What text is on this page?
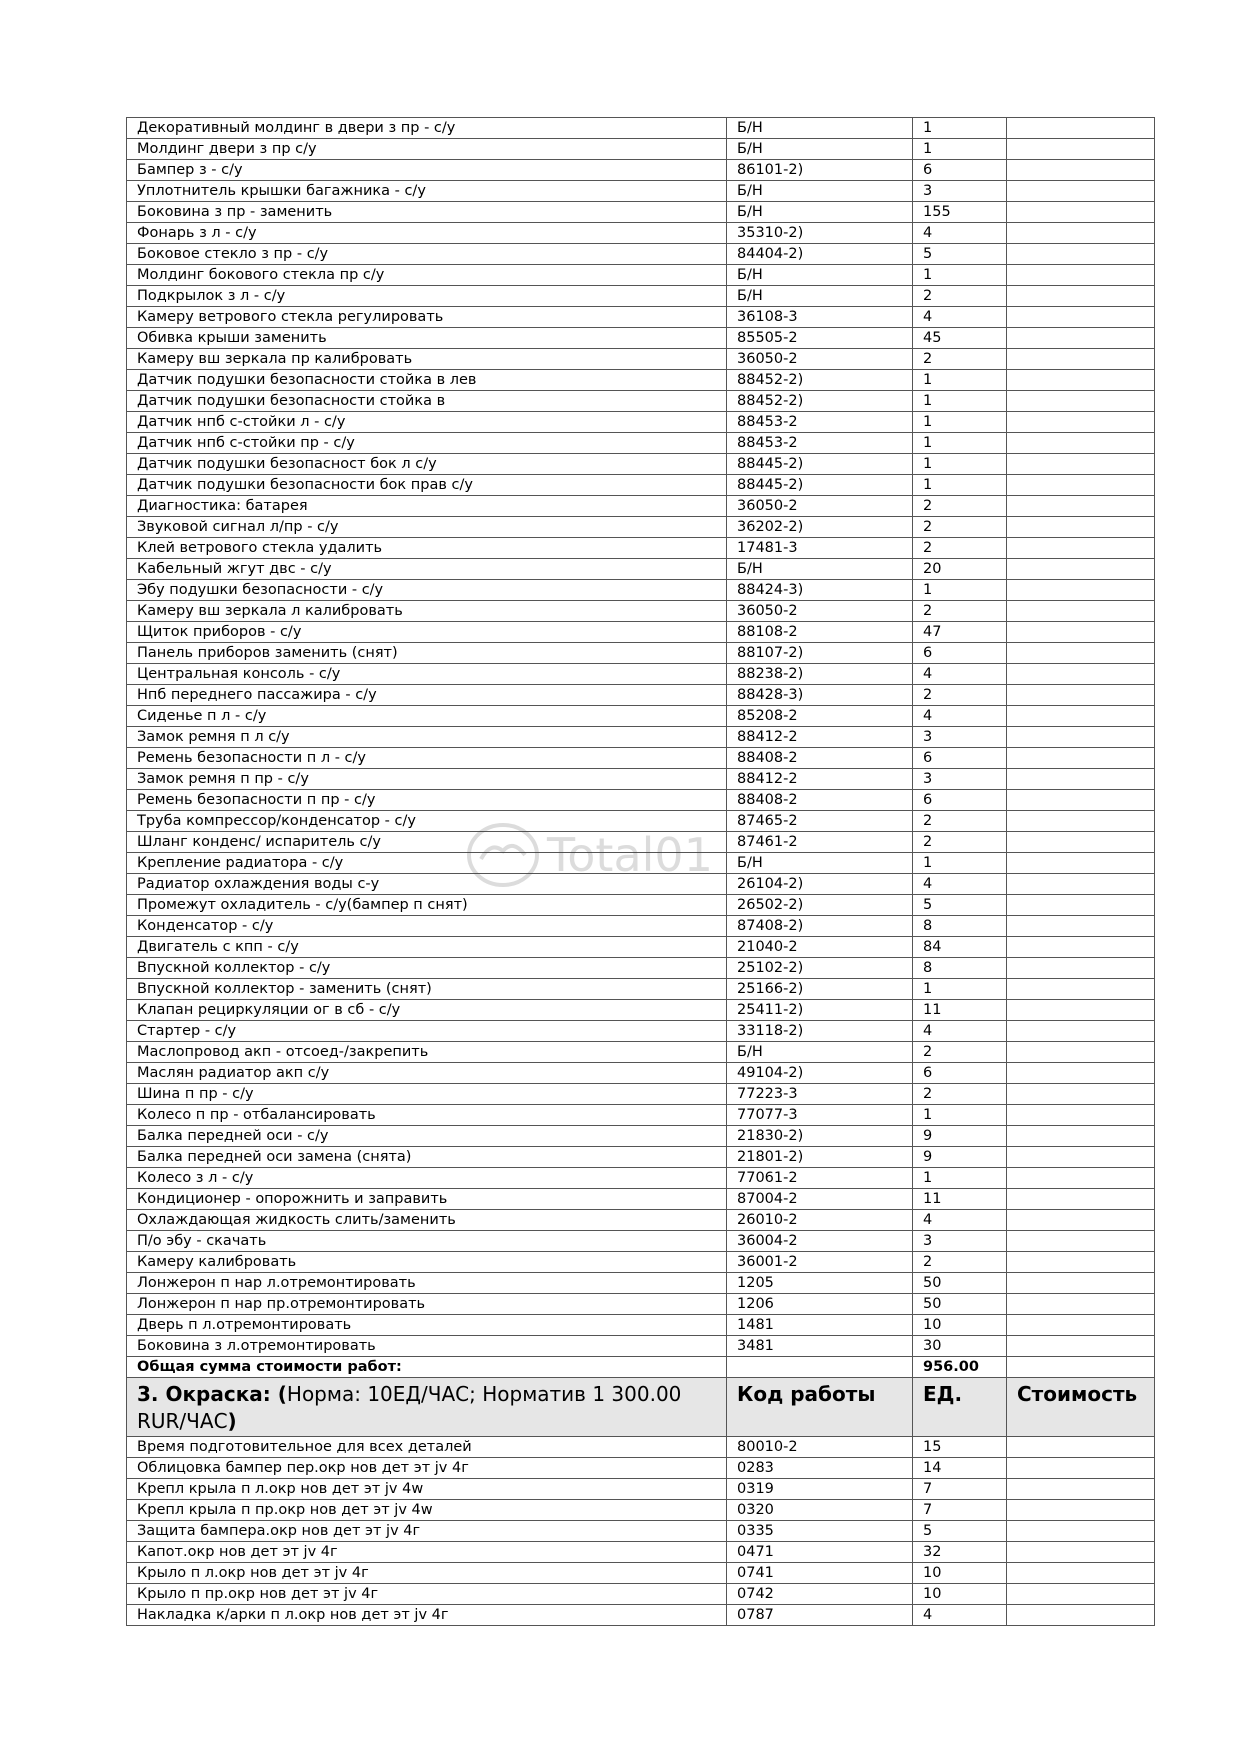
Декоративный молдинг в двери з пр - с/у	Б/Н	1	
Молдинг двери з пр с/у	Б/Н	1	
Бампер з - с/у	86101-2)	6	
Уплотнитель крышки багажника - с/у	Б/Н	3	
Боковина з пр - заменить	Б/Н	155	
Фонарь з л - с/у	35310-2)	4	
Боковое стекло з пр - с/у	84404-2)	5	
Молдинг бокового стекла пр с/у	Б/Н	1	
Подкрылок з л - с/у	Б/Н	2	
Камеру ветрового стекла регулировать	36108-3	4	
Обивка крыши заменить	85505-2	45	
Камеру вш зеркала пр калибровать	36050-2	2	
Датчик подушки безопасности стойка в лев	88452-2)	1	
Датчик подушки безопасности стойка в	88452-2)	1	
Датчик нпб с-стойки л - с/у	88453-2	1	
Датчик нпб с-стойки пр - с/у	88453-2	1	
Датчик подушки безопасност бок л с/у	88445-2)	1	
Датчик подушки безопасности бок прав с/у	88445-2)	1	
Диагностика: батарея	36050-2	2	
Звуковой сигнал л/пр - с/у	36202-2)	2	
Клей ветрового стекла удалить	17481-3	2	
Кабельный жгут двс - с/у	Б/Н	20	
Эбу подушки безопасности - с/у	88424-3)	1	
Камеру вш зеркала л калибровать	36050-2	2	
Щиток приборов - с/у	88108-2	47	
Панель приборов заменить (снят)	88107-2)	6	
Центральная консоль - с/у	88238-2)	4	
Нпб переднего пассажира - с/у	88428-3)	2	
Сиденье п л - с/у	85208-2	4	
Замок ремня п л с/у	88412-2	3	
Ремень безопасности п л - с/у	88408-2	6	
Замок ремня п пр - с/у	88412-2	3	
Ремень безопасности п пр - с/у	88408-2	6	
Труба компрессор/конденсатор - с/у	87465-2	2	
Шланг конденс/ испаритель с/у	87461-2	2	
Крепление радиатора - с/у	Б/Н	1	
Радиатор охлаждения воды с-у	26104-2)	4	
Промежут охладитель - с/у(бампер п снят)	26502-2)	5	
Конденсатор - с/у	87408-2)	8	
Двигатель с кпп - с/у	21040-2	84	
Впускной коллектор - с/у	25102-2)	8	
Впускной коллектор - заменить (снят)	25166-2)	1	
Клапан рециркуляции ог в сб - с/у	25411-2)	11	
Стартер - с/у	33118-2)	4	
Маслопровод акп - отсоед-/закрепить	Б/Н	2	
Маслян радиатор акп с/у	49104-2)	6	
Шина п пр - с/у	77223-3	2	
Колесо п пр - отбалансировать	77077-3	1	
Балка передней оси - с/у	21830-2)	9	
Балка передней оси замена (снята)	21801-2)	9	
Колесо з л - с/у	77061-2	1	
Кондиционер - опорожнить и заправить	87004-2	11	
Охлаждающая жидкость слить/заменить	26010-2	4	
П/о эбу - скачать	36004-2	3	
Камеру калибровать	36001-2	2	
Лонжерон п нар л.отремонтировать	1205	50	
Лонжерон п нар пр.отремонтировать	1206	50	
Дверь п л.отремонтировать	1481	10	
Боковина з л.отремонтировать	3481	30	
Общая сумма стоимости работ:		956.00	
3. Окраска: (Норма: 10ЕД/ЧАС; Норматив 1 300.00 RUR/ЧАС)	Код работы	ЕД.	Стоимость
Время подготовительное для всех деталей	80010-2	15	
Облицовка бампер пер.окр нов дет эт jv 4г	0283	14	
Крепл крыла п л.окр нов дет эт jv 4w	0319	7	
Крепл крыла п пр.окр нов дет эт jv 4w	0320	7	
Защита бампера.окр нов дет эт jv 4г	0335	5	
Капот.окр нов дет эт jv 4г	0471	32	
Крыло п л.окр нов дет эт jv 4г	0741	10	
Крыло п пр.окр нов дет эт jv 4г	0742	10	
Накладка к/арки п л.окр нов дет эт jv 4г	0787	4	
Total01
